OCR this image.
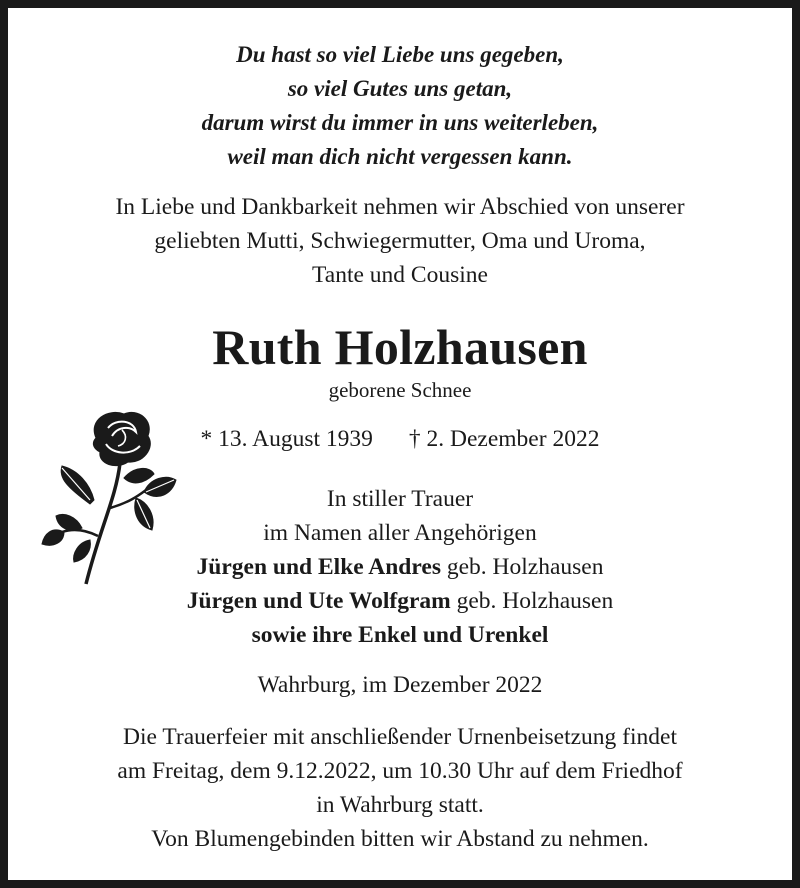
Du hast so viel Liebe uns gegeben,
so viel Gutes uns getan,
darum wirst du immer in uns weiterleben,
weil man dich nicht vergessen kann.
In Liebe und Dankbarkeit nehmen wir Abschied von unserer
geliebten Mutti, Schwiegermutter, Oma und Uroma,
Tante und Cousine
Ruth Holzhausen
geborene Schnee
* 13. August 1939 † 2. Dezember 2022
In stiller Trauer
im Namen aller Angehörigen
Jürgen und Elke Andres geb. Holzhausen
Jürgen und Ute Wolfgram geb. Holzhausen
sowie ihre Enkel und Urenkel
Wahrburg, im Dezember 2022
Die Trauerfeier mit anschließender Urnenbeisetzung findet
am Freitag, dem 9.12.2022, um 10.30 Uhr auf dem Friedhof
in Wahrburg statt.
Von Blumengebinden bitten wir Abstand zu nehmen.
